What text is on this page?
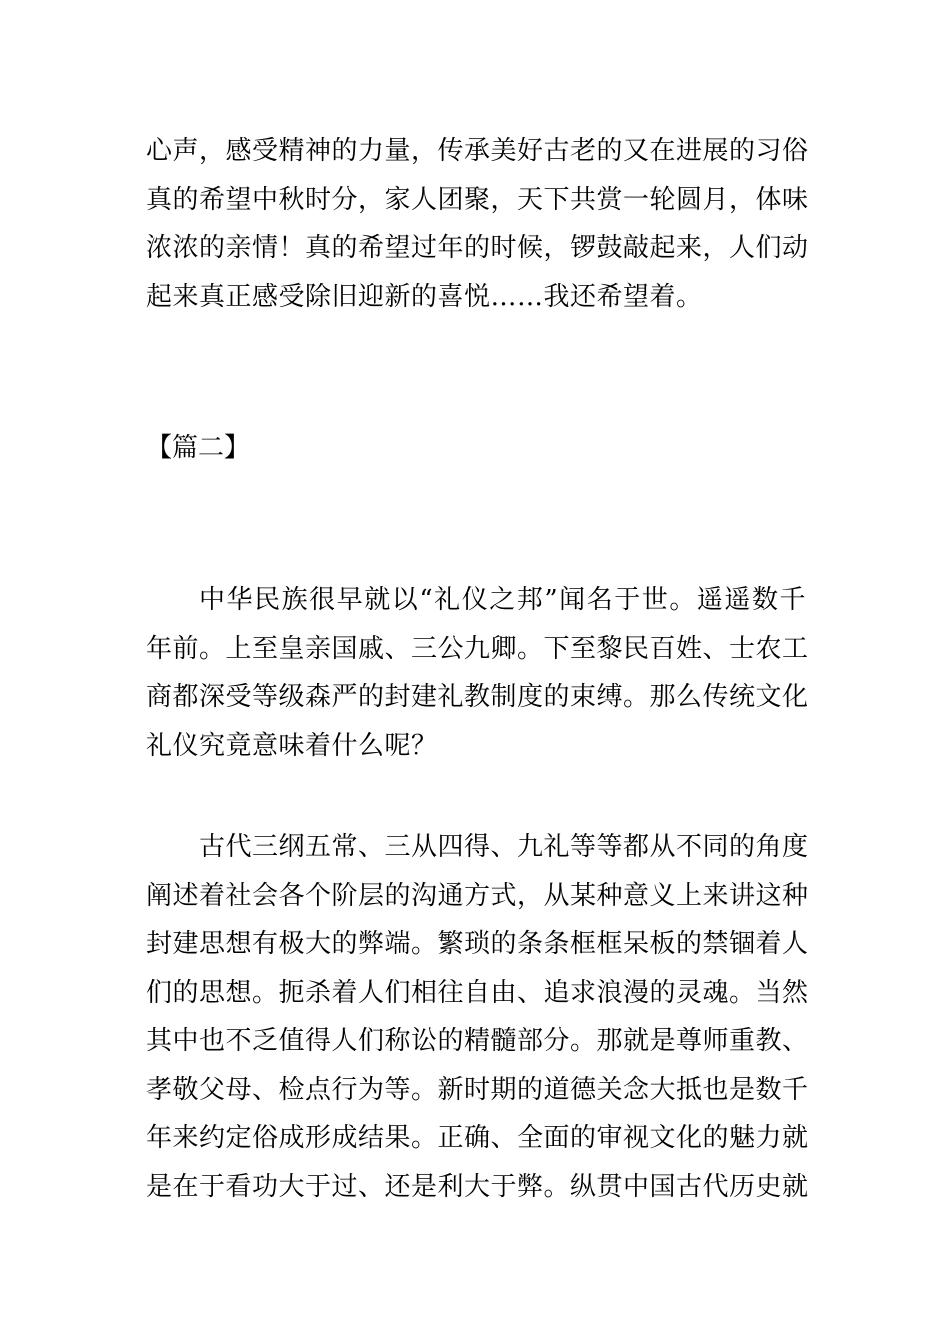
心声，感受精神的力量，传承美好古老的又在进展的习俗
真的希望中秋时分，家人团聚，天下共赏一轮圆月，体味
浓浓的亲情！真的希望过年的时候，锣鼓敲起来，人们动
起来真正感受除旧迎新的喜悦……我还希望着。
【篇二】
中华民族很早就以“礼仪之邦”闻名于世。遥遥数千
年前。上至皇亲国戚、三公九卿。下至黎民百姓、士农工
商都深受等级森严的封建礼教制度的束缚。那么传统文化
礼仪究竟意味着什么呢？
古代三纲五常、三从四得、九礼等等都从不同的角度
阐述着社会各个阶层的沟通方式，从某种意义上来讲这种
封建思想有极大的弊端。繁琐的条条框框呆板的禁锢着人
们的思想。扼杀着人们相往自由、追求浪漫的灵魂。当然
其中也不乏值得人们称讼的精髓部分。那就是尊师重教、
孝敬父母、检点行为等。新时期的道德关念大抵也是数千
年来约定俗成形成结果。正确、全面的审视文化的魅力就
是在于看功大于过、还是利大于弊。纵贯中国古代历史就
